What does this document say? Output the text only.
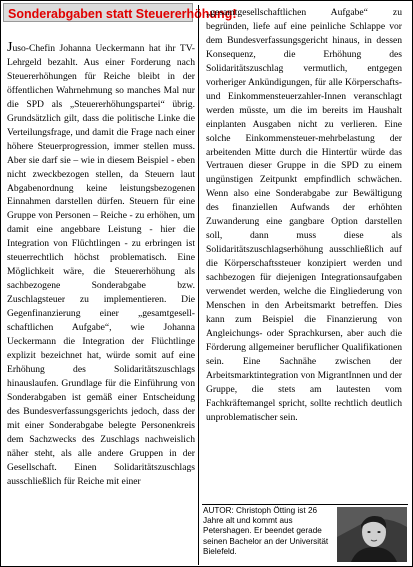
Sonderabgaben statt Steuererhöhung!

Juso-Chefin Johanna Ueckermann hat ihr TV-Lehrgeld bezahlt. Aus einer Forderung nach Steuererhöhungen für Reiche bleibt in der öffentlichen Wahrnehmung so manches Mal nur die SPD als „Steuererhöhungspartei“ übrig. Grundsätzlich gilt, dass die politische Linke die Verteilungsfrage, und damit die Frage nach einer höhere Steuerprogression, immer stellen muss. Aber sie darf sie – wie in diesem Beispiel - eben nicht zweckbezogen stellen, da Steuern laut Abgabenordnung keine leistungsbezogenen Einnahmen darstellen dürfen. Steuern für eine Gruppe von Personen – Reiche - zu erhöhen, um damit eine angebbare Leistung - hier die Integration von Flüchtlingen - zu erbringen ist steuerrechtlich höchst problematisch. Eine Möglichkeit wäre, die Steuererhöhung als sachbezogene Sonderabgabe bzw. Zuschlagsteuer zu implementieren. Die Gegenfinanzierung einer „gesamtgesell-schaftlichen Aufgabe“, wie Johanna Ueckermann die Integration der Flüchtlinge explizit bezeichnet hat, würde somit auf eine Erhöhung des Solidaritätszuschlags hinauslaufen. Grundlage für die Einführung von Sonderabgaben ist gemäß einer Entscheidung des Bundesverfassungsgerichts jedoch, dass der mit einer Sonderabgabe belegte Personenkreis dem Sachzwecks des Zuschlags nachweislich näher steht, als alle andere Gruppen in der Gesellschaft. Einen Solidaritätszuschlags ausschließlich für Reiche mit einer

„gesamtgesellschaftlichen Aufgabe“ zu begründen, liefe auf eine peinliche Schlappe vor dem Bundesverfassungsgericht hinaus, in dessen Konsequenz, die Erhöhung des Solidaritätszuschlag vermutlich, entgegen vorheriger Ankündigungen, für alle Körperschafts- und Einkommensteuerzahler-Innen veranschlagt werden müsste, um die im bereits im Haushalt einplanten Ausgaben nicht zu verlieren. Eine solche Einkommensteuer-mehrbelastung der arbeitenden Mitte durch die Hintertür würde das Vertrauen dieser Gruppe in die SPD zu einem ungünstigen Zeitpunkt empfindlich schwächen. Wenn also eine Sonderabgabe zur Bewältigung des finanziellen Aufwands der erhöhten Zuwanderung eine gangbare Option darstellen soll, dann muss diese als Solidaritätszuschlagserhöhung ausschließlich auf die Körperschaftssteuer konzipiert werden und sachbezogen für diejenigen Integrationsaufgaben verwendet werden, welche die Eingliederung von Menschen in den Arbeitsmarkt betreffen. Dies kann zum Beispiel die Finanzierung von Angleichungs- oder Sprachkursen, aber auch die Förderung allgemeiner beruflicher Qualifikationen sein. Eine Sachnähe zwischen der Arbeitsmarktintegration von MigrantInnen und der Gruppe, die stets am lautesten vom Fachkräftemangel spricht, sollte rechtlich deutlich unproblematischer sein.

AUTOR: Christoph Ötting ist 26 Jahre alt und kommt aus Petershagen. Er beendet gerade seinen Bachelor an der Universität Bielefeld.
